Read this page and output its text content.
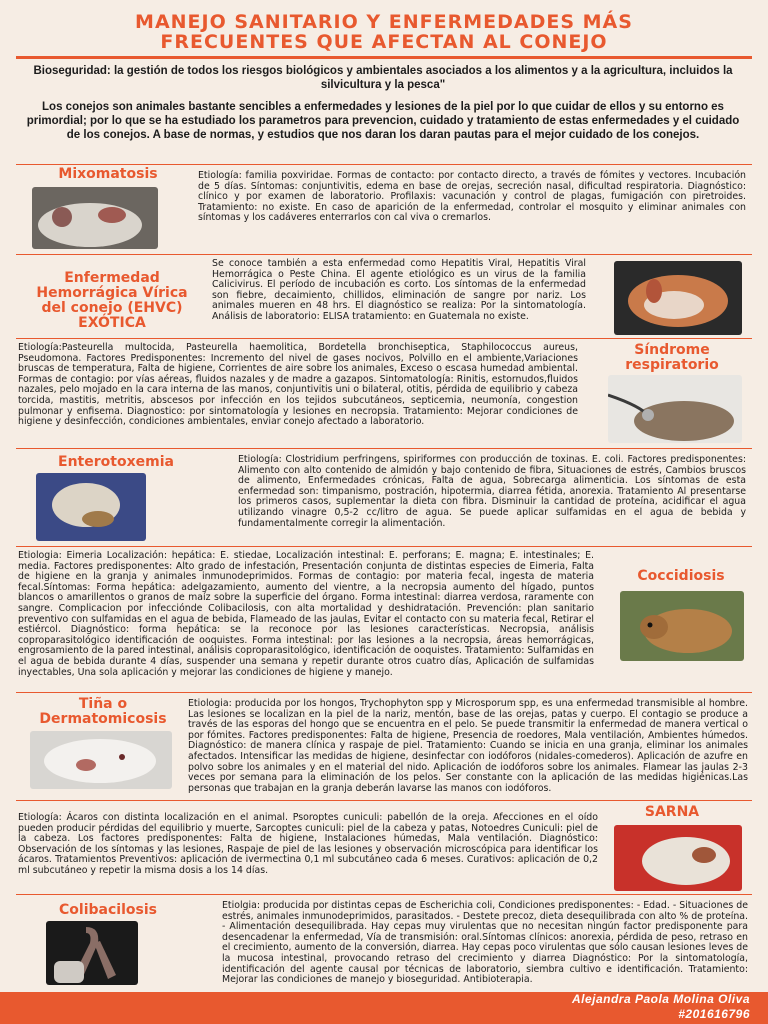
MANEJO SANITARIO Y ENFERMEDADES MÁS
FRECUENTES QUE AFECTAN AL CONEJO

Bioseguridad: la gestión de todos los riesgos biológicos y ambientales asociados a los alimentos y a la agricultura, incluidos la silvicultura y la pesca"

Los conejos son animales bastante sencibles a enfermedades y lesiones de la piel por lo que cuidar de ellos y su entorno es primordial; por lo que se ha estudiado los parametros para prevencion, cuidado y tratamiento de estas enfermedades y el cuidado de los conejos. A base de normas, y estudios que nos daran los daran pautas para el mejor cuidado de los conejos.

Mixomatosis	Etiología: familia poxviridae. Formas de contacto: por contacto directo, a través de fómites y vectores. Incubación de 5 días. Síntomas: conjuntivitis, edema en base de orejas, secreción nasal, dificultad respiratoria. Diagnóstico: clínico y por examen de laboratorio. Profilaxis: vacunación y control de plagas, fumigación con piretroides. Tratamiento: no existe. En caso de aparición de la enfermedad, controlar el mosquito y eliminar animales con síntomas y los cadáveres enterrarlos con cal viva o cremarlos.
Enfermedad Hemorrágica Vírica del conejo (EHVC) EXÓTICA
Se conoce también a esta enfermedad como Hepatitis Viral, Hepatitis Viral Hemorrágica o Peste China. El agente etiológico es un virus de la familia Calicivirus. El período de incubación es corto. Los síntomas de la enfermedad son fiebre, decaimiento, chillidos, eliminación de sangre por nariz. Los animales mueren en 48 hrs. El diagnóstico se realiza: Por la sintomatología. Análisis de laboratorio: ELISA tratamiento: en Guatemala no existe.
Etiología:Pasteurella multocida, Pasteurella haemolitica, Bordetella bronchiseptica, Staphilococcus aureus, Pseudomona. Factores Predisponentes: Incremento del nivel de gases nocivos, Polvillo en el ambiente,Variaciones bruscas de temperatura, Falta de higiene, Corrientes de aire sobre los animales, Exceso o escasa humedad ambiental. Formas de contagio: por vías aéreas, fluidos nazales y de madre a gazapos. Sintomatología: Rinitis, estornudos,fluidos nazales, pelo mojado en la cara interna de las manos, conjuntivitis uni o bilateral, otitis, pérdida de equilibrio y cabeza torcida, mastitis, metritis, abscesos por infección en los tejidos subcutáneos, septicemia, neumonía, congestion pulmonar y enfisema. Diagnostico: por sintomatología y lesiones en necropsia. Tratamiento: Mejorar condiciones de higiene y desinfección, condiciones ambientales, enviar conejo afectado a laboratorio.
Síndrome respiratorio
Enterotoxemia	Etiología: Clostridium perfringens, spiriformes con producción de toxinas. E. coli. Factores predisponentes: Alimento con alto contenido de almidón y bajo contenido de fibra, Situaciones de estrés, Cambios bruscos de alimento, Enfermedades crónicas, Falta de agua, Sobrecarga alimenticia. Los síntomas de esta enfermedad son: timpanismo, postración, hipotermia, diarrea fétida, anorexia. Tratamiento Al presentarse los primeros casos, suplementar la dieta con fibra. Disminuir la cantidad de proteína, acidificar el agua utilizando vinagre 0,5-2 cc/litro de agua. Se puede aplicar sulfamidas en el agua de bebida y fundamentalmente corregir la alimentación.
Etiologia: Eimeria Localización: hepática: E. stiedae, Localización intestinal: E. perforans; E. magna; E. intestinales; E. media. Factores predisponentes: Alto grado de infestación, Presentación conjunta de distintas especies de Eimeria, Falta de higiene en la granja y animales inmunodeprimidos. Formas de contagio: por materia fecal, ingesta de materia fecal.Síntomas: Forma hepática: adelgazamiento, aumento del vientre, a la necropsia aumento del hígado, puntos blancos o amarillentos o granos de maíz sobre la superficie del órgano. Forma intestinal: diarrea verdosa, raramente con sangre. Complicacion por infecciónde Colibacilosis, con alta mortalidad y deshidratación. Prevención: plan sanitario preventivo con sulfamidas en el agua de bebida, Flameado de las jaulas, Evitar el contacto con su materia fecal, Retirar el estiércol. Diagnóstico: forma hepática: se la reconoce por las lesiones características. Necropsia, análisis coproparasitológico identificación de ooquistes. Forma intestinal: por las lesiones a la necropsia, áreas hemorrágicas, engrosamiento de la pared intestinal, análisis coproparasitológico, identificación de ooquistes. Tratamiento: Sulfamidas en el agua de bebida durante 4 días, suspender una semana y repetir durante otros cuatro días, Aplicación de sulfamidas inyectables, Una sola aplicación y mejorar las condiciones de higiene y manejo.
Coccidiosis
Tiña o Dermatomicosis
Etiologia: producida por los hongos, Trychophyton spp y Microsporum spp, es una enfermedad transmisible al hombre. Las lesiones se localizan en la piel de la nariz, mentón, base de las orejas, patas y cuerpo. El contagio se produce a través de las esporas del hongo que se encuentra en el pelo. Se puede transmitir la enfermedad de manera vertical o por fómites. Factores predisponentes: Falta de higiene, Presencia de roedores, Mala ventilación, Ambientes húmedos. Diagnóstico: de manera clínica y raspaje de piel. Tratamiento: Cuando se inicia en una granja, eliminar los animales afectados. Intensificar las medidas de higiene, desinfectar con iodóforos (nidales-comederos). Aplicación de azufre en polvo sobre los animales y en el material del nido. Aplicación de iodóforos sobre los animales. Flamear las jaulas 2-3 veces por semana para la eliminación de los pelos. Ser constante con la aplicación de las medidas higiénicas.Las personas que trabajan en la granja deberán lavarse las manos con iodóforos.
Etiología: Ácaros con distinta localización en el animal. Psoroptes cuniculi: pabellón de la oreja. Afecciones en el oído pueden producir pérdidas del equilibrio y muerte, Sarcoptes cuniculi: piel de la cabeza y patas, Notoedres Cuniculi: piel de la cabeza. Los factores predisponentes: Falta de higiene, Instalaciones húmedas, Mala ventilación. Diagnóstico: Observación de los síntomas y las lesiones, Raspaje de piel de las lesiones y observación microscópica para identificar los ácaros. Tratamientos Preventivos: aplicación de ivermectina 0,1 ml subcutáneo cada 6 meses. Curativos: aplicación de 0,2 ml subcutáneo y repetir la misma dosis a los 14 días.
SARNA
Colibacilosis	Etiolgia: producida por distintas cepas de Escherichia coli, Condiciones predisponentes: - Edad. - Situaciones de estrés, animales inmunodeprimidos, parasitados. - Destete precoz, dieta desequilibrada con alto % de proteína. - Alimentación desequilibrada. Hay cepas muy virulentas que no necesitan ningún factor predisponente para desencadenar la enfermedad, Vía de transmisión: oral.Síntomas clínicos: anorexia, pérdida de peso, retraso en el crecimiento, aumento de la conversión, diarrea. Hay cepas poco virulentas que sólo causan lesiones leves de la mucosa intestinal, provocando retraso del crecimiento y diarrea Diagnóstico: Por la sintomatología, identificación del agente causal por técnicas de laboratorio, siembra cultivo e identificación. Tratamiento: Mejorar las condiciones de manejo y bioseguridad. Antibioterapia.
Alejandra Paola Molina Oliva
#201616796
